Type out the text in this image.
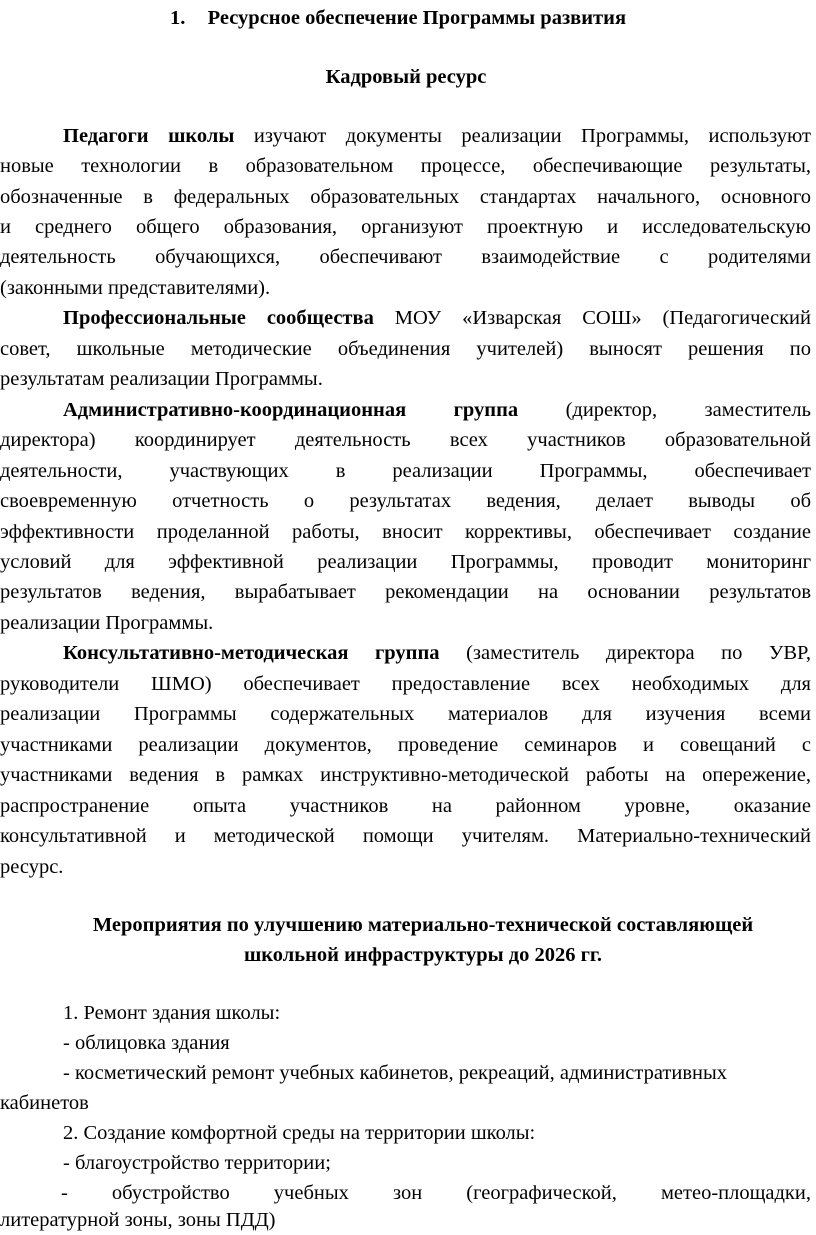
1. Ресурсное обеспечение Программы развития
Кадровый ресурс
Педагоги школы изучают документы реализации Программы, используют
новые технологии в образовательном процессе, обеспечивающие результаты,
обозначенные в федеральных образовательных стандартах начального, основного
и среднего общего образования, организуют проектную и исследовательскую
деятельность обучающихся, обеспечивают взаимодействие с родителями
(законными представителями).
Профессиональные сообщества МОУ «Изварская СОШ» (Педагогический
совет, школьные методические объединения учителей) выносят решения по
результатам реализации Программы.
Административно-координационная группа (директор, заместитель
директора) координирует деятельность всех участников образовательной
деятельности, участвующих в реализации Программы, обеспечивает
своевременную отчетность о результатах ведения, делает выводы об
эффективности проделанной работы, вносит коррективы, обеспечивает создание
условий для эффективной реализации Программы, проводит мониторинг
результатов ведения, вырабатывает рекомендации на основании результатов
реализации Программы.
Консультативно-методическая группа (заместитель директора по УВР,
руководители ШМО) обеспечивает предоставление всех необходимых для
реализации Программы содержательных материалов для изучения всеми
участниками реализации документов, проведение семинаров и совещаний с
участниками ведения в рамках инструктивно-методической работы на опережение,
распространение опыта участников на районном уровне, оказание
консультативной и методической помощи учителям. Материально-технический
ресурс.
Мероприятия по улучшению материально-технической составляющей
школьной инфраструктуры до 2026 гг.
1. Ремонт здания школы:
- облицовка здания
- косметический ремонт учебных кабинетов, рекреаций, административных
кабинетов
2. Создание комфортной среды на территории школы:
- благоустройство территории;
- обустройство учебных зон (географической, метео-площадки,
литературной зоны, зоны ПДД)
